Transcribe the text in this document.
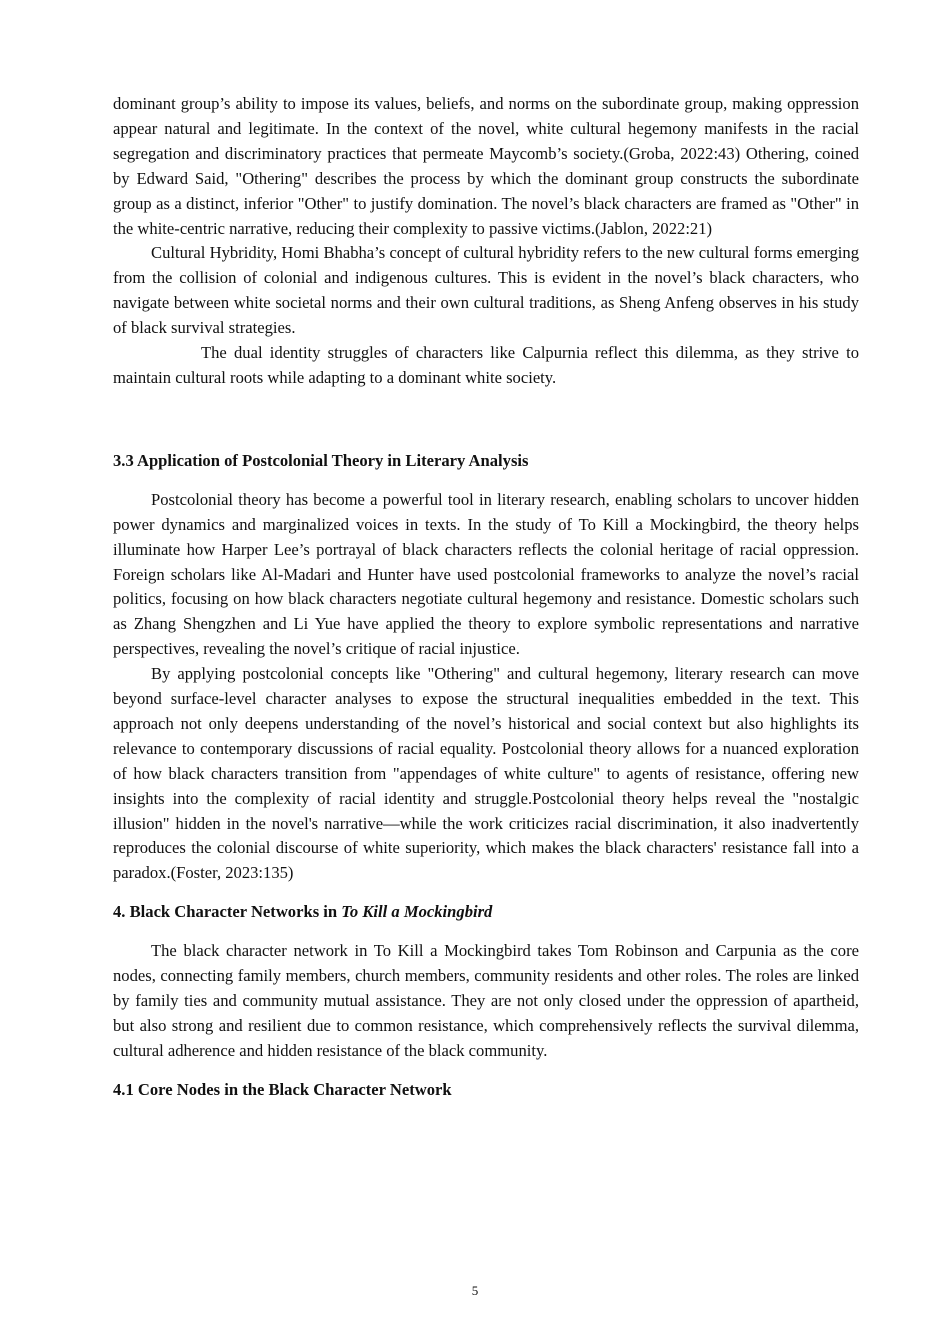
dominant group’s ability to impose its values, beliefs, and norms on the subordinate group, making oppression appear natural and legitimate. In the context of the novel, white cultural hegemony manifests in the racial segregation and discriminatory practices that permeate Maycomb’s society.(Groba, 2022:43) Othering, coined by Edward Said, "Othering" describes the process by which the dominant group constructs the subordinate group as a distinct, inferior "Other" to justify domination. The novel’s black characters are framed as "Other" in the white-centric narrative, reducing their complexity to passive victims.(Jablon, 2022:21)

Cultural Hybridity, Homi Bhabha’s concept of cultural hybridity refers to the new cultural forms emerging from the collision of colonial and indigenous cultures. This is evident in the novel’s black characters, who navigate between white societal norms and their own cultural traditions, as Sheng Anfeng observes in his study of black survival strategies.

The dual identity struggles of characters like Calpurnia reflect this dilemma, as they strive to maintain cultural roots while adapting to a dominant white society.

3.3 Application of Postcolonial Theory in Literary Analysis

Postcolonial theory has become a powerful tool in literary research, enabling scholars to uncover hidden power dynamics and marginalized voices in texts. In the study of To Kill a Mockingbird, the theory helps illuminate how Harper Lee’s portrayal of black characters reflects the colonial heritage of racial oppression. Foreign scholars like Al-Madari and Hunter have used postcolonial frameworks to analyze the novel’s racial politics, focusing on how black characters negotiate cultural hegemony and resistance. Domestic scholars such as Zhang Shengzhen and Li Yue have applied the theory to explore symbolic representations and narrative perspectives, revealing the novel’s critique of racial injustice.

By applying postcolonial concepts like "Othering" and cultural hegemony, literary research can move beyond surface-level character analyses to expose the structural inequalities embedded in the text. This approach not only deepens understanding of the novel’s historical and social context but also highlights its relevance to contemporary discussions of racial equality. Postcolonial theory allows for a nuanced exploration of how black characters transition from "appendages of white culture" to agents of resistance, offering new insights into the complexity of racial identity and struggle.Postcolonial theory helps reveal the "nostalgic illusion" hidden in the novel's narrative—while the work criticizes racial discrimination, it also inadvertently reproduces the colonial discourse of white superiority, which makes the black characters' resistance fall into a paradox.(Foster, 2023:135)

4. Black Character Networks in To Kill a Mockingbird

The black character network in To Kill a Mockingbird takes Tom Robinson and Carpunia as the core nodes, connecting family members, church members, community residents and other roles. The roles are linked by family ties and community mutual assistance. They are not only closed under the oppression of apartheid, but also strong and resilient due to common resistance, which comprehensively reflects the survival dilemma, cultural adherence and hidden resistance of the black community.

4.1 Core Nodes in the Black Character Network
5
